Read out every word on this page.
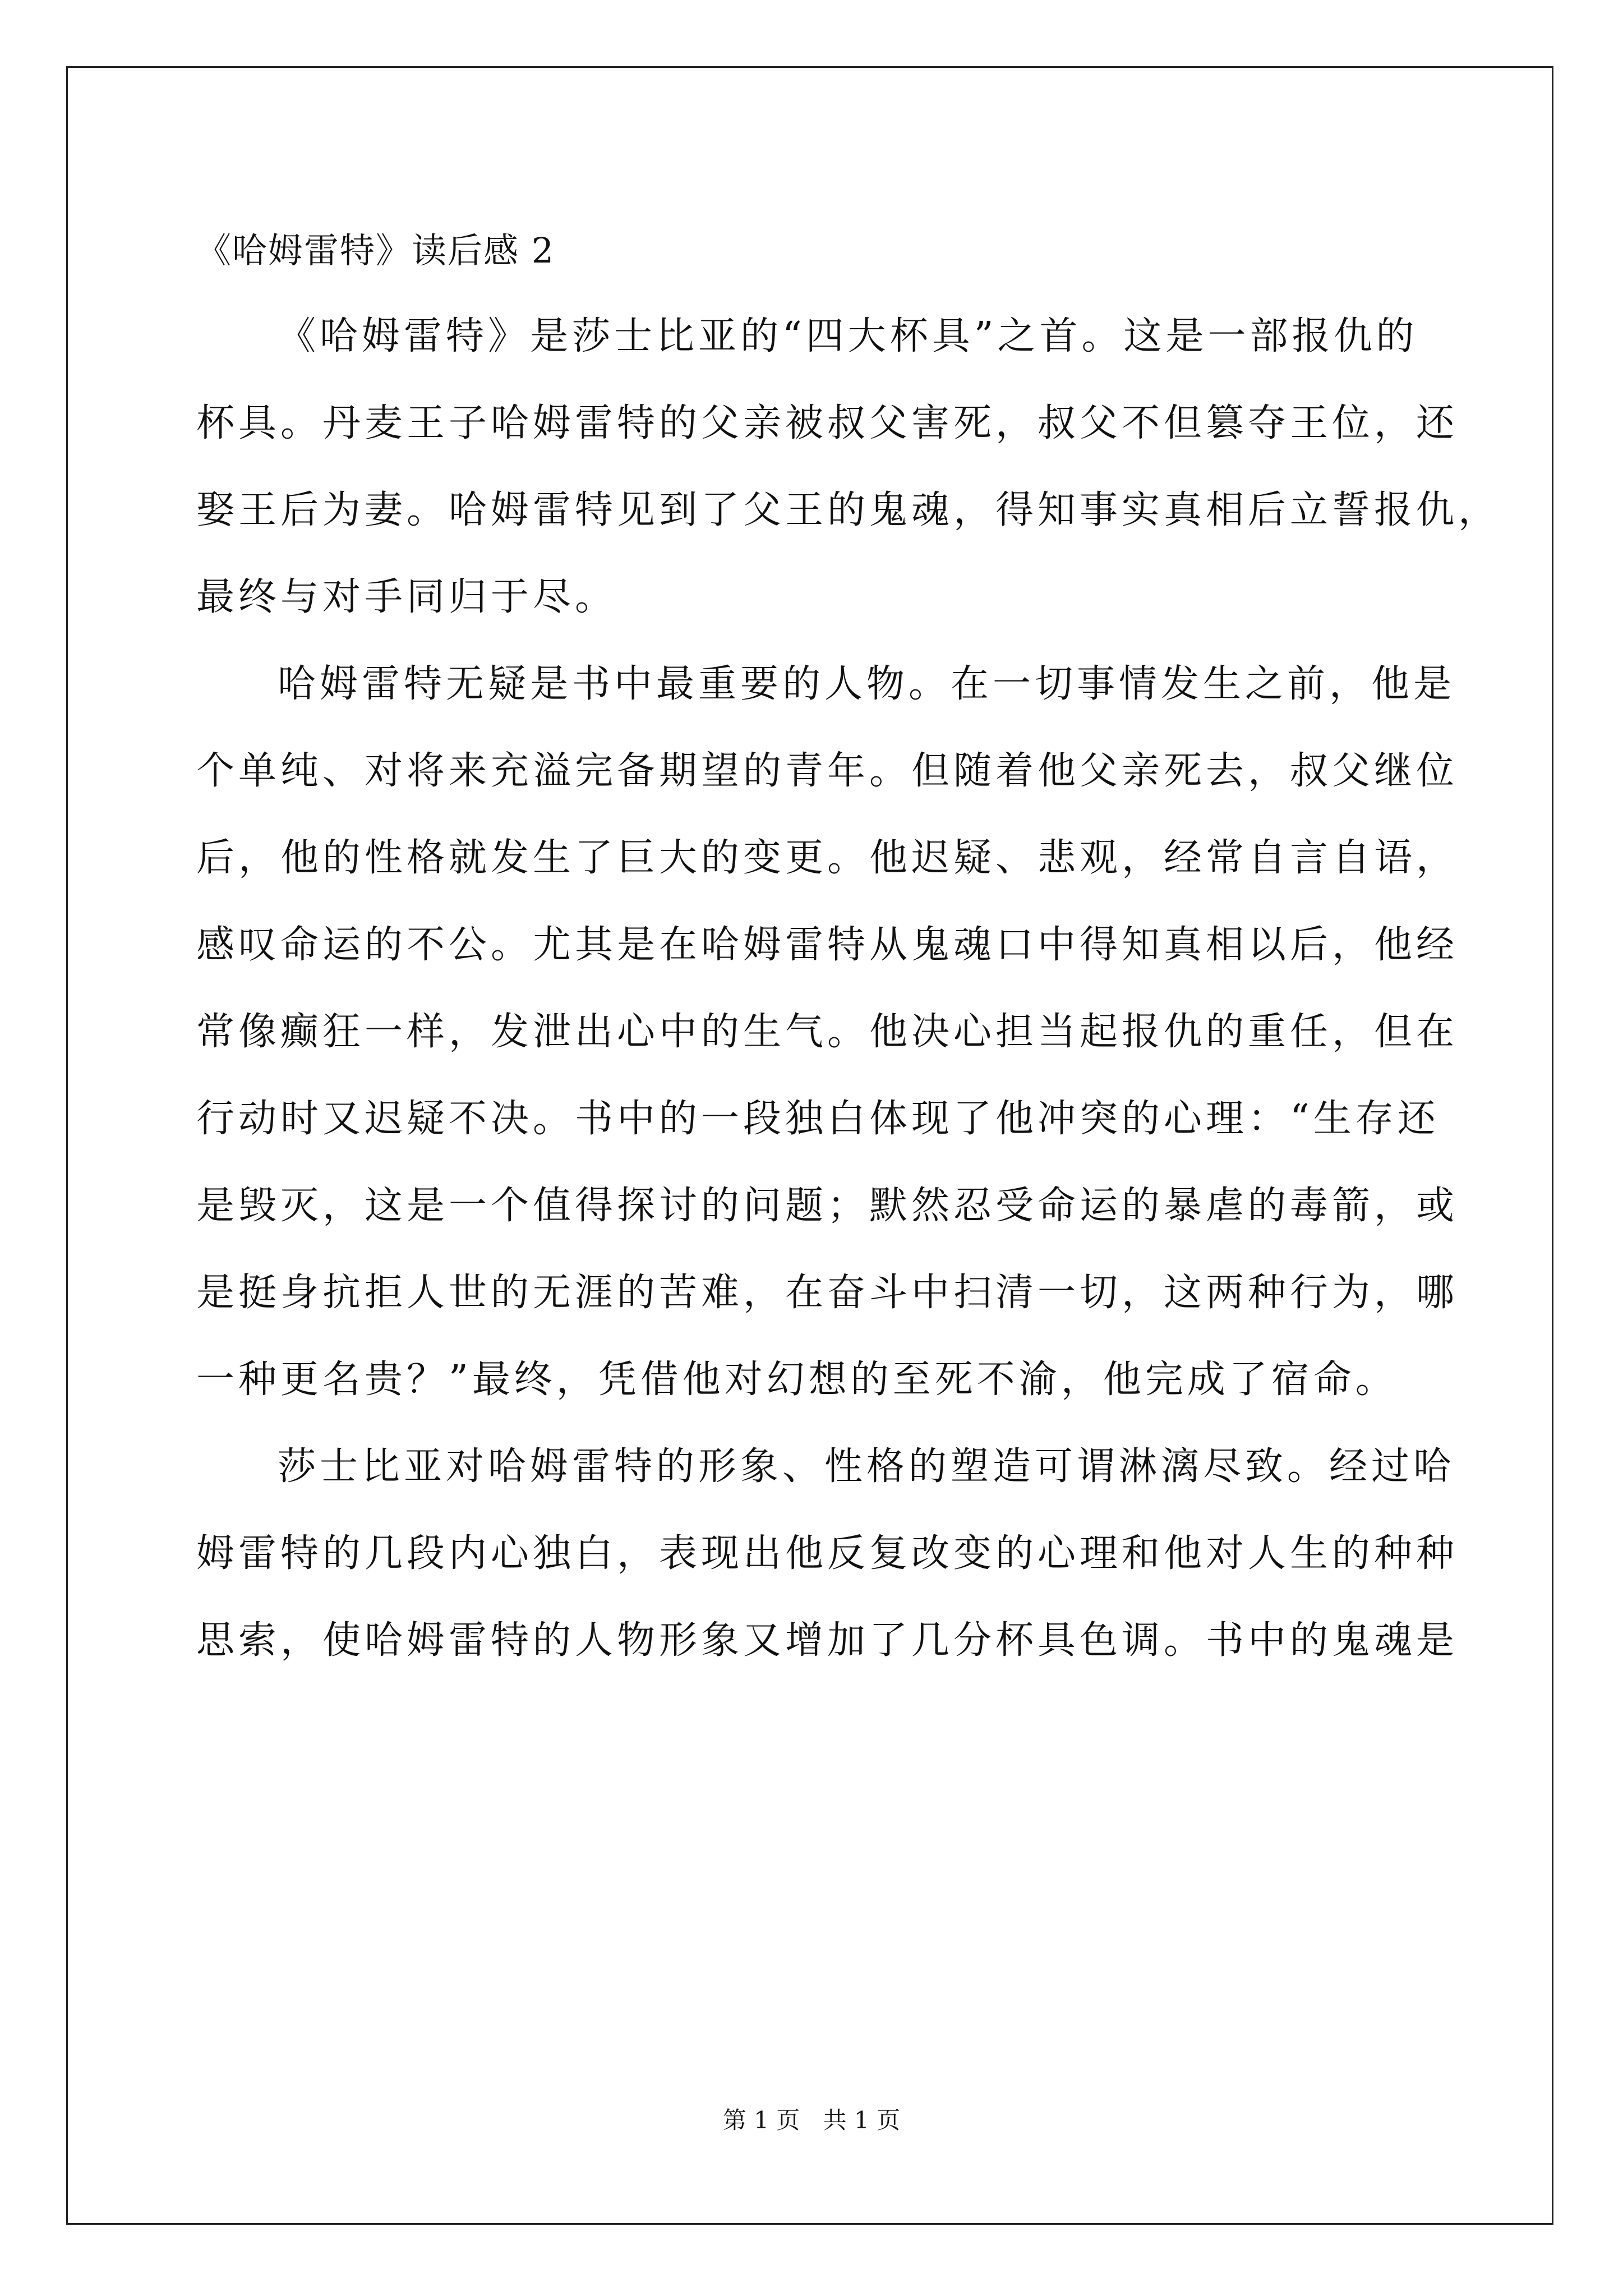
《哈姆雷特》读后感 2
《哈姆雷特》是莎士比亚的“四大杯具”之首。这是一部报仇的
杯具。丹麦王子哈姆雷特的父亲被叔父害死，叔父不但篡夺王位，还
娶王后为妻。哈姆雷特见到了父王的鬼魂，得知事实真相后立誓报仇，
最终与对手同归于尽。
哈姆雷特无疑是书中最重要的人物。在一切事情发生之前，他是
个单纯、对将来充溢完备期望的青年。但随着他父亲死去，叔父继位
后，他的性格就发生了巨大的变更。他迟疑、悲观，经常自言自语，
感叹命运的不公。尤其是在哈姆雷特从鬼魂口中得知真相以后，他经
常像癫狂一样，发泄出心中的生气。他决心担当起报仇的重任，但在
行动时又迟疑不决。书中的一段独白体现了他冲突的心理：“生存还
是毁灭，这是一个值得探讨的问题；默然忍受命运的暴虐的毒箭，或
是挺身抗拒人世的无涯的苦难，在奋斗中扫清一切，这两种行为，哪
一种更名贵？”最终，凭借他对幻想的至死不渝，他完成了宿命。
莎士比亚对哈姆雷特的形象、性格的塑造可谓淋漓尽致。经过哈
姆雷特的几段内心独白，表现出他反复改变的心理和他对人生的种种
思索，使哈姆雷特的人物形象又增加了几分杯具色调。书中的鬼魂是
第 1 页 共 1 页
